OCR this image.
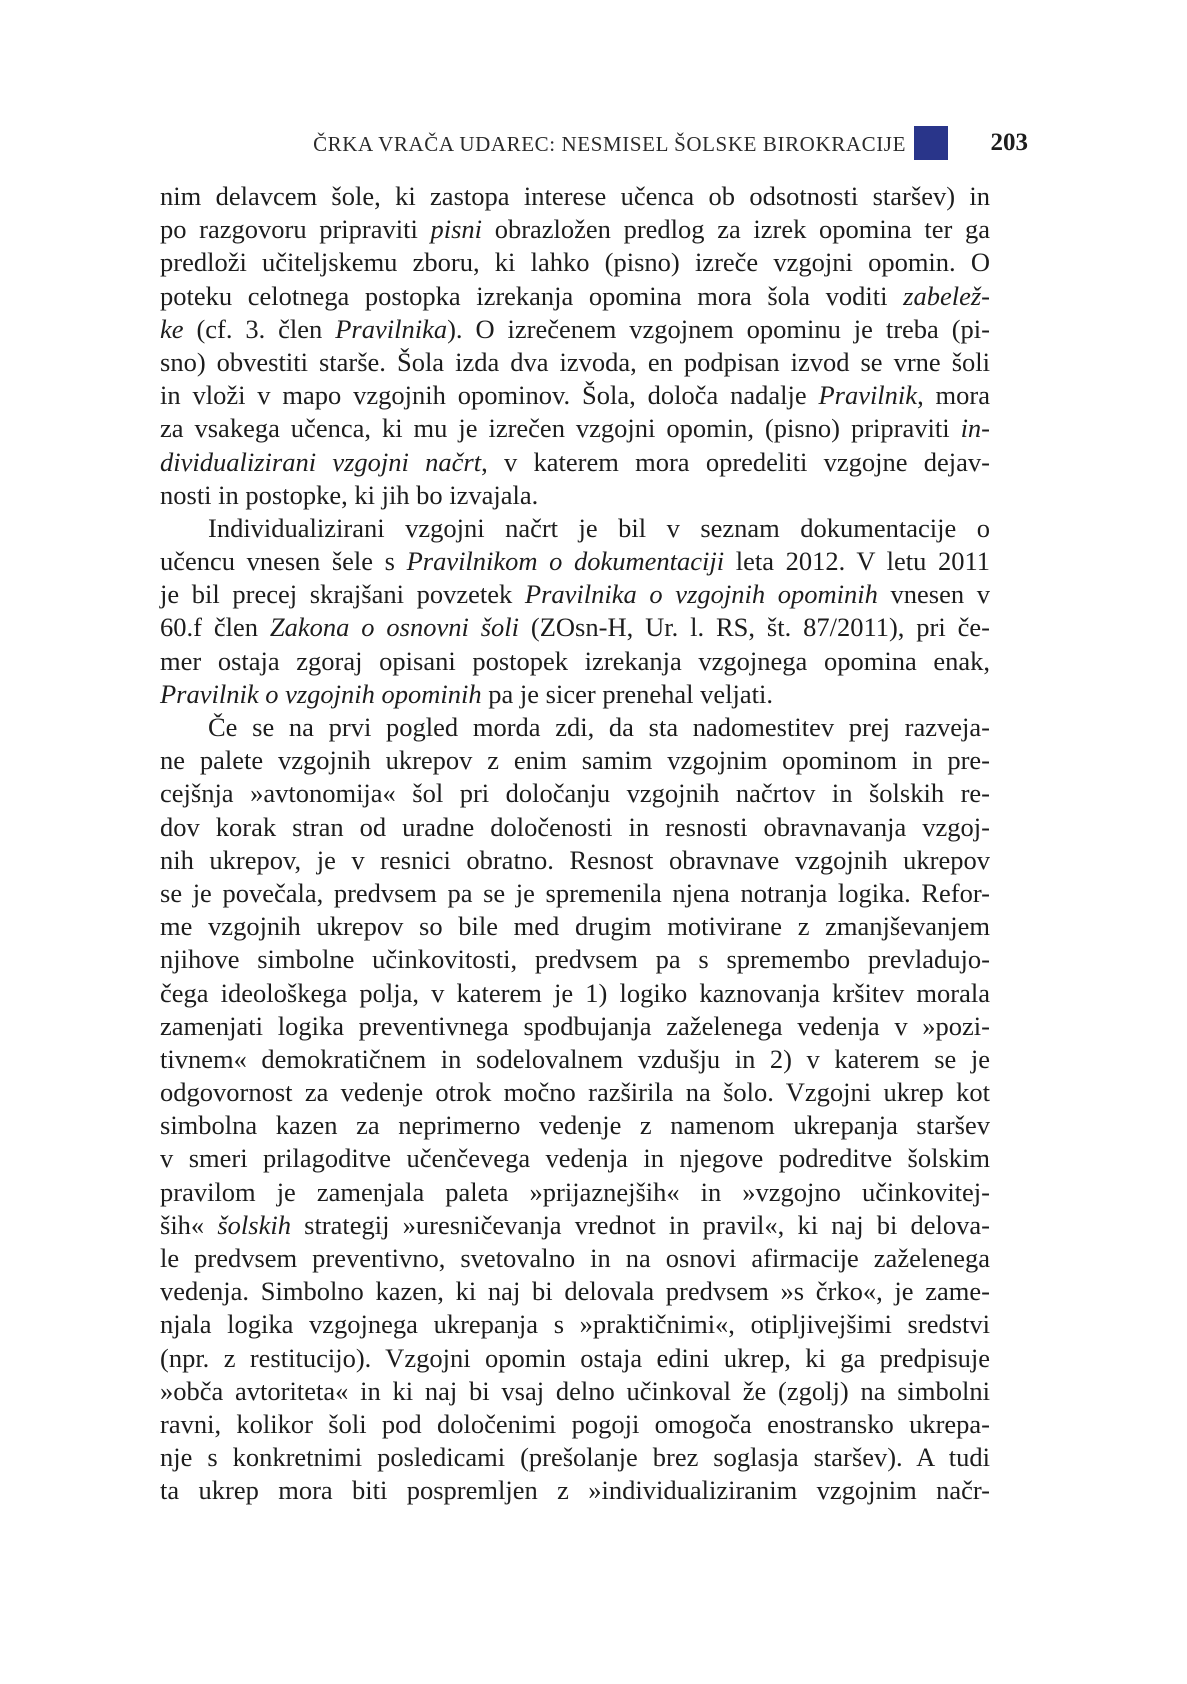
ČRKA VRAČA UDAREC: NESMISEL ŠOLSKE BIROKRACIJE	203
nim delavcem šole, ki zastopa interese učenca ob odsotnosti staršev) in
po razgovoru pripraviti pisni obrazložen predlog za izrek opomina ter ga
predloži učiteljskemu zboru, ki lahko (pisno) izreče vzgojni opomin. O
poteku celotnega postopka izrekanja opomina mora šola voditi zabelež-
ke (cf. 3. člen Pravilnika). O izrečenem vzgojnem opominu je treba (pi-
sno) obvestiti starše. Šola izda dva izvoda, en podpisan izvod se vrne šoli
in vloži v mapo vzgojnih opominov. Šola, določa nadalje Pravilnik, mora
za vsakega učenca, ki mu je izrečen vzgojni opomin, (pisno) pripraviti in-
dividualizirani vzgojni načrt, v katerem mora opredeliti vzgojne dejav-
nosti in postopke, ki jih bo izvajala.
Individualizirani vzgojni načrt je bil v seznam dokumentacije o
učencu vnesen šele s Pravilnikom o dokumentaciji leta 2012. V letu 2011
je bil precej skrajšani povzetek Pravilnika o vzgojnih opominih vnesen v
60.f člen Zakona o osnovni šoli (ZOsn-H, Ur. l. RS, št. 87/2011), pri če-
mer ostaja zgoraj opisani postopek izrekanja vzgojnega opomina enak,
Pravilnik o vzgojnih opominih pa je sicer prenehal veljati.
Če se na prvi pogled morda zdi, da sta nadomestitev prej razveja-
ne palete vzgojnih ukrepov z enim samim vzgojnim opominom in pre-
cejšnja »avtonomija« šol pri določanju vzgojnih načrtov in šolskih re-
dov korak stran od uradne določenosti in resnosti obravnavanja vzgoj-
nih ukrepov, je v resnici obratno. Resnost obravnave vzgojnih ukrepov
se je povečala, predvsem pa se je spremenila njena notranja logika. Refor-
me vzgojnih ukrepov so bile med drugim motivirane z zmanjševanjem
njihove simbolne učinkovitosti, predvsem pa s spremembo prevladujo-
čega ideološkega polja, v katerem je 1) logiko kaznovanja kršitev morala
zamenjati logika preventivnega spodbujanja zaželenega vedenja v »pozi-
tivnem« demokratičnem in sodelovalnem vzdušju in 2) v katerem se je
odgovornost za vedenje otrok močno razširila na šolo. Vzgojni ukrep kot
simbolna kazen za neprimerno vedenje z namenom ukrepanja staršev
v smeri prilagoditve učenčevega vedenja in njegove podreditve šolskim
pravilom je zamenjala paleta »prijaznejših« in »vzgojno učinkovitej-
ših« šolskih strategij »uresničevanja vrednot in pravil«, ki naj bi delova-
le predvsem preventivno, svetovalno in na osnovi afirmacije zaželenega
vedenja. Simbolno kazen, ki naj bi delovala predvsem »s črko«, je zame-
njala logika vzgojnega ukrepanja s »praktičnimi«, otipljivejšimi sredstvi
(npr. z restitucijo). Vzgojni opomin ostaja edini ukrep, ki ga predpisuje
»obča avtoriteta« in ki naj bi vsaj delno učinkoval že (zgolj) na simbolni
ravni, kolikor šoli pod določenimi pogoji omogoča enostransko ukrepa-
nje s konkretnimi posledicami (prešolanje brez soglasja staršev). A tudi
ta ukrep mora biti pospremljen z »individualiziranim vzgojnim načr-
